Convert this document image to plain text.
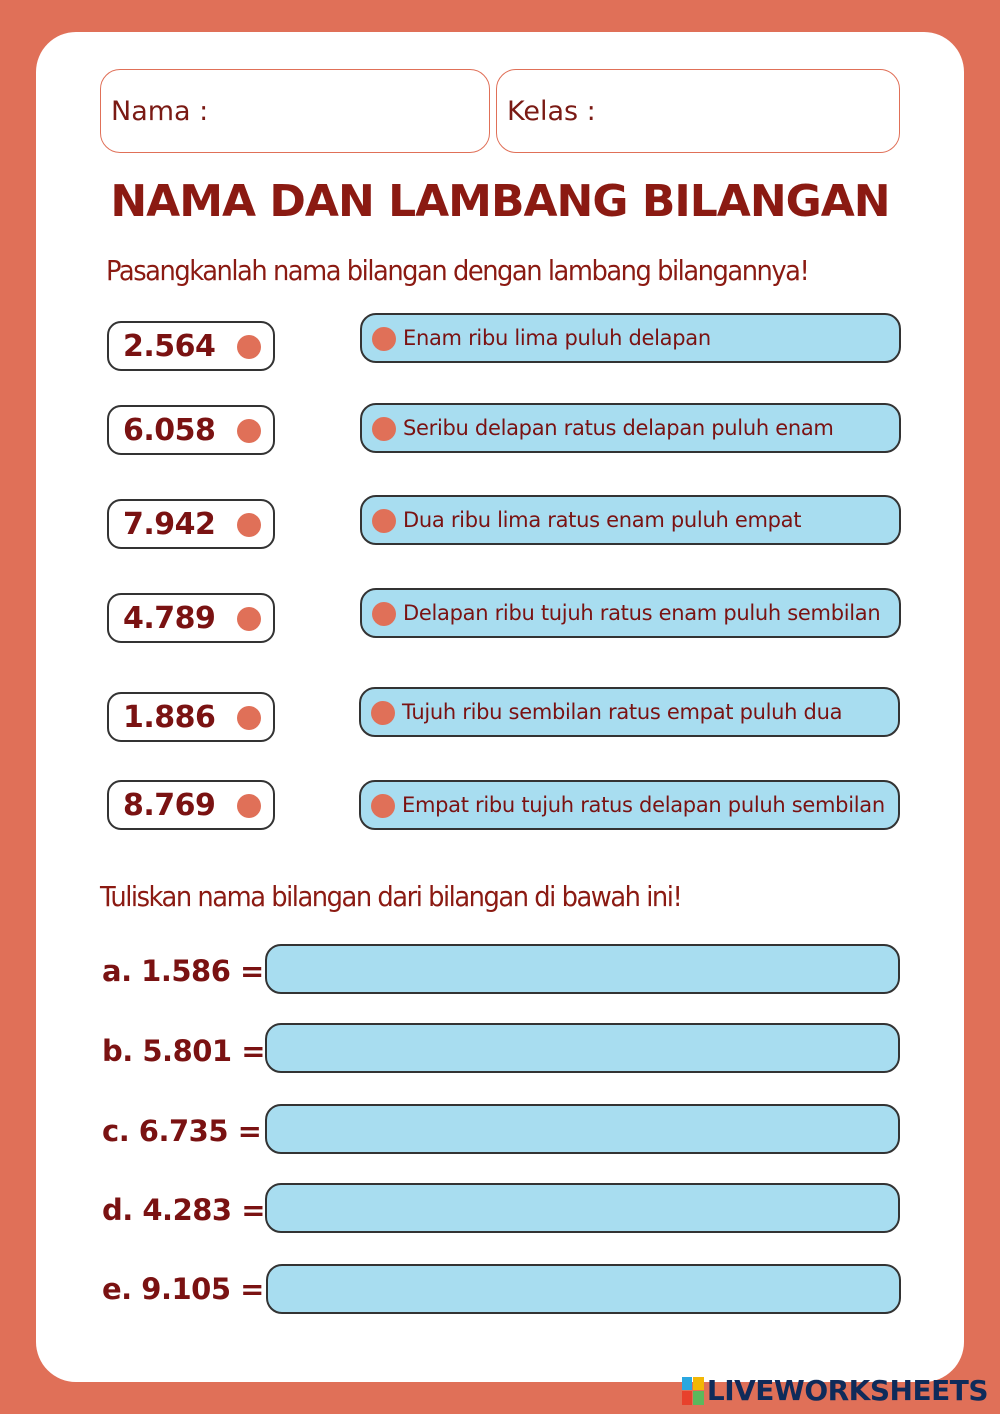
Nama :	Kelas :
NAMA DAN LAMBANG BILANGAN
Pasangkanlah nama bilangan dengan lambang bilangannya!
2.564
6.058
7.942
4.789
1.886
8.769
Enam ribu lima puluh delapan
Seribu delapan ratus delapan puluh enam
Dua ribu lima ratus enam puluh empat
Delapan ribu tujuh ratus enam puluh sembilan
Tujuh ribu sembilan ratus empat puluh dua
Empat ribu tujuh ratus delapan puluh sembilan
Tuliskan nama bilangan dari bilangan di bawah ini!
a. 1.586 =
b. 5.801 =
c. 6.735 =
d. 4.283 =
e. 9.105 =
LIVEWORKSHEETS
